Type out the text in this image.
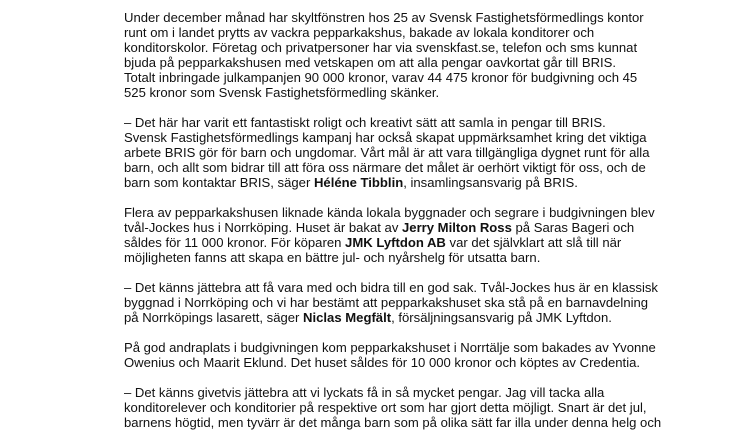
Under december månad har skyltfönstren hos 25 av Svensk Fastighetsförmedlings kontor
runt om i landet prytts av vackra pepparkakshus, bakade av lokala konditorer och
konditorskolor. Företag och privatpersoner har via svenskfast.se, telefon och sms kunnat
bjuda på pepparkakshusen med vetskapen om att alla pengar oavkortat går till BRIS.
Totalt inbringade julkampanjen 90 000 kronor, varav 44 475 kronor för budgivning och 45
525 kronor som Svensk Fastighetsförmedling skänker.

– Det här har varit ett fantastiskt roligt och kreativt sätt att samla in pengar till BRIS.
Svensk Fastighetsförmedlings kampanj har också skapat uppmärksamhet kring det viktiga
arbete BRIS gör för barn och ungdomar. Vårt mål är att vara tillgängliga dygnet runt för alla
barn, och allt som bidrar till att föra oss närmare det målet är oerhört viktigt för oss, och de
barn som kontaktar BRIS, säger Héléne Tibblin, insamlingsansvarig på BRIS.

Flera av pepparkakshusen liknade kända lokala byggnader och segrare i budgivningen blev
tvål-Jockes hus i Norrköping. Huset är bakat av Jerry Milton Ross på Saras Bageri och
såldes för 11 000 kronor. För köparen JMK Lyftdon AB var det självklart att slå till när
möjligheten fanns att skapa en bättre jul- och nyårshelg för utsatta barn.

– Det känns jättebra att få vara med och bidra till en god sak. Tvål-Jockes hus är en klassisk
byggnad i Norrköping och vi har bestämt att pepparkakshuset ska stå på en barnavdelning
på Norrköpings lasarett, säger Niclas Megfält, försäljningsansvarig på JMK Lyftdon.

På god andraplats i budgivningen kom pepparkakshuset i Norrtälje som bakades av Yvonne
Owenius och Maarit Eklund. Det huset såldes för 10 000 kronor och köptes av Credentia.

– Det känns givetvis jättebra att vi lyckats få in så mycket pengar. Jag vill tacka alla
konditorelever och konditorier på respektive ort som har gjort detta möjligt. Snart är det jul,
barnens högtid, men tyvärr är det många barn som på olika sätt far illa under denna helg och
